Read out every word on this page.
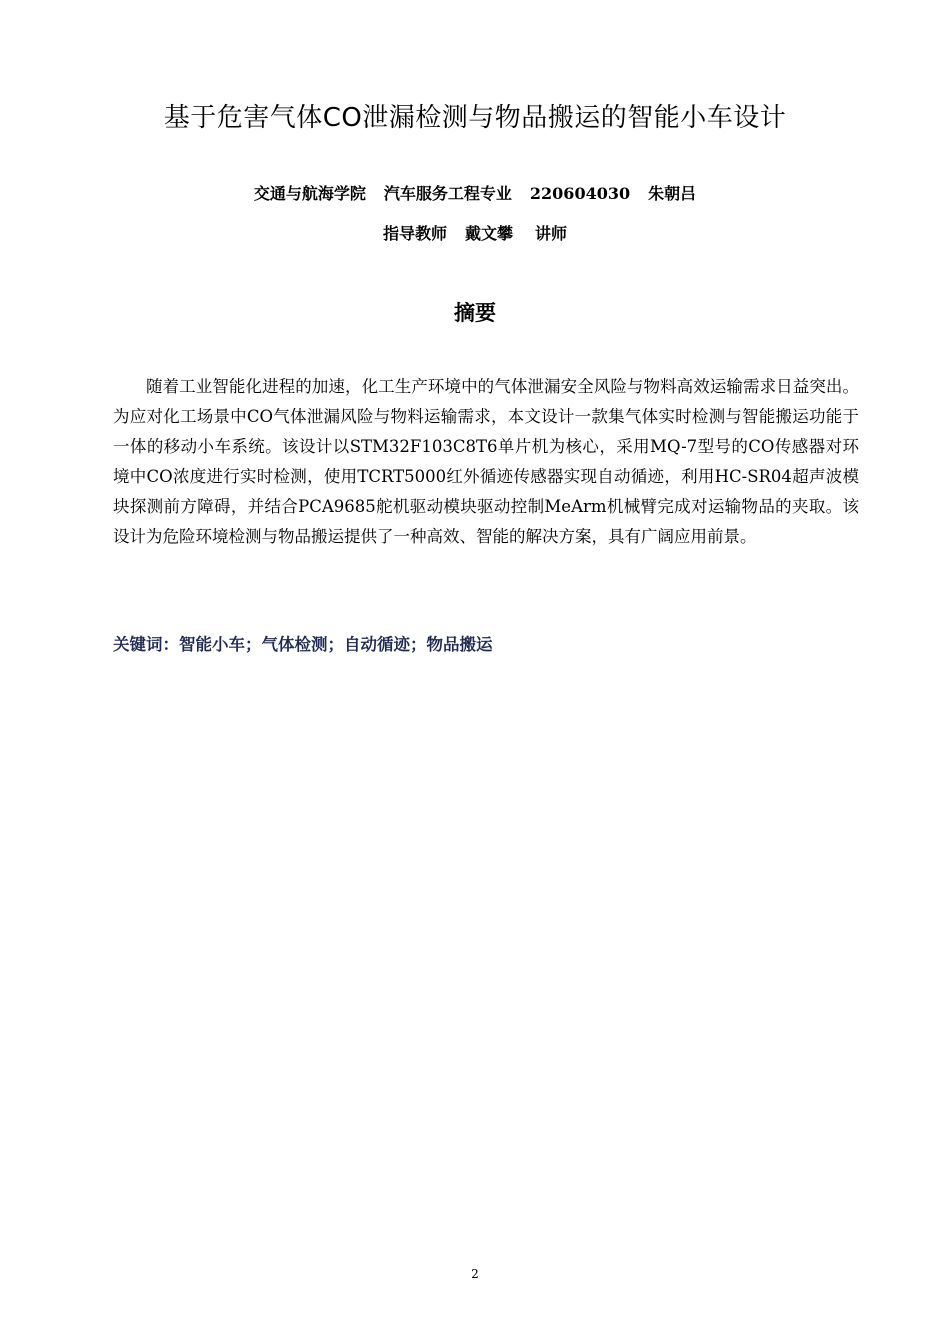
基于危害气体CO泄漏检测与物品搬运的智能小车设计
交通与航海学院 汽车服务工程专业 220604030 朱朝吕
指导教师 戴文攀 讲师
摘要
随着工业智能化进程的加速，化工生产环境中的气体泄漏安全风险与物料高效运输需求日益突出。为应对化工场景中CO气体泄漏风险与物料运输需求，本文设计一款集气体实时检测与智能搬运功能于一体的移动小车系统。该设计以STM32F103C8T6单片机为核心，采用MQ-7型号的CO传感器对环境中CO浓度进行实时检测，使用TCRT5000红外循迹传感器实现自动循迹，利用HC-SR04超声波模块探测前方障碍，并结合PCA9685舵机驱动模块驱动控制MeArm机械臂完成对运输物品的夹取。该设计为危险环境检测与物品搬运提供了一种高效、智能的解决方案，具有广阔应用前景。
关键词：智能小车；气体检测；自动循迹；物品搬运
2
